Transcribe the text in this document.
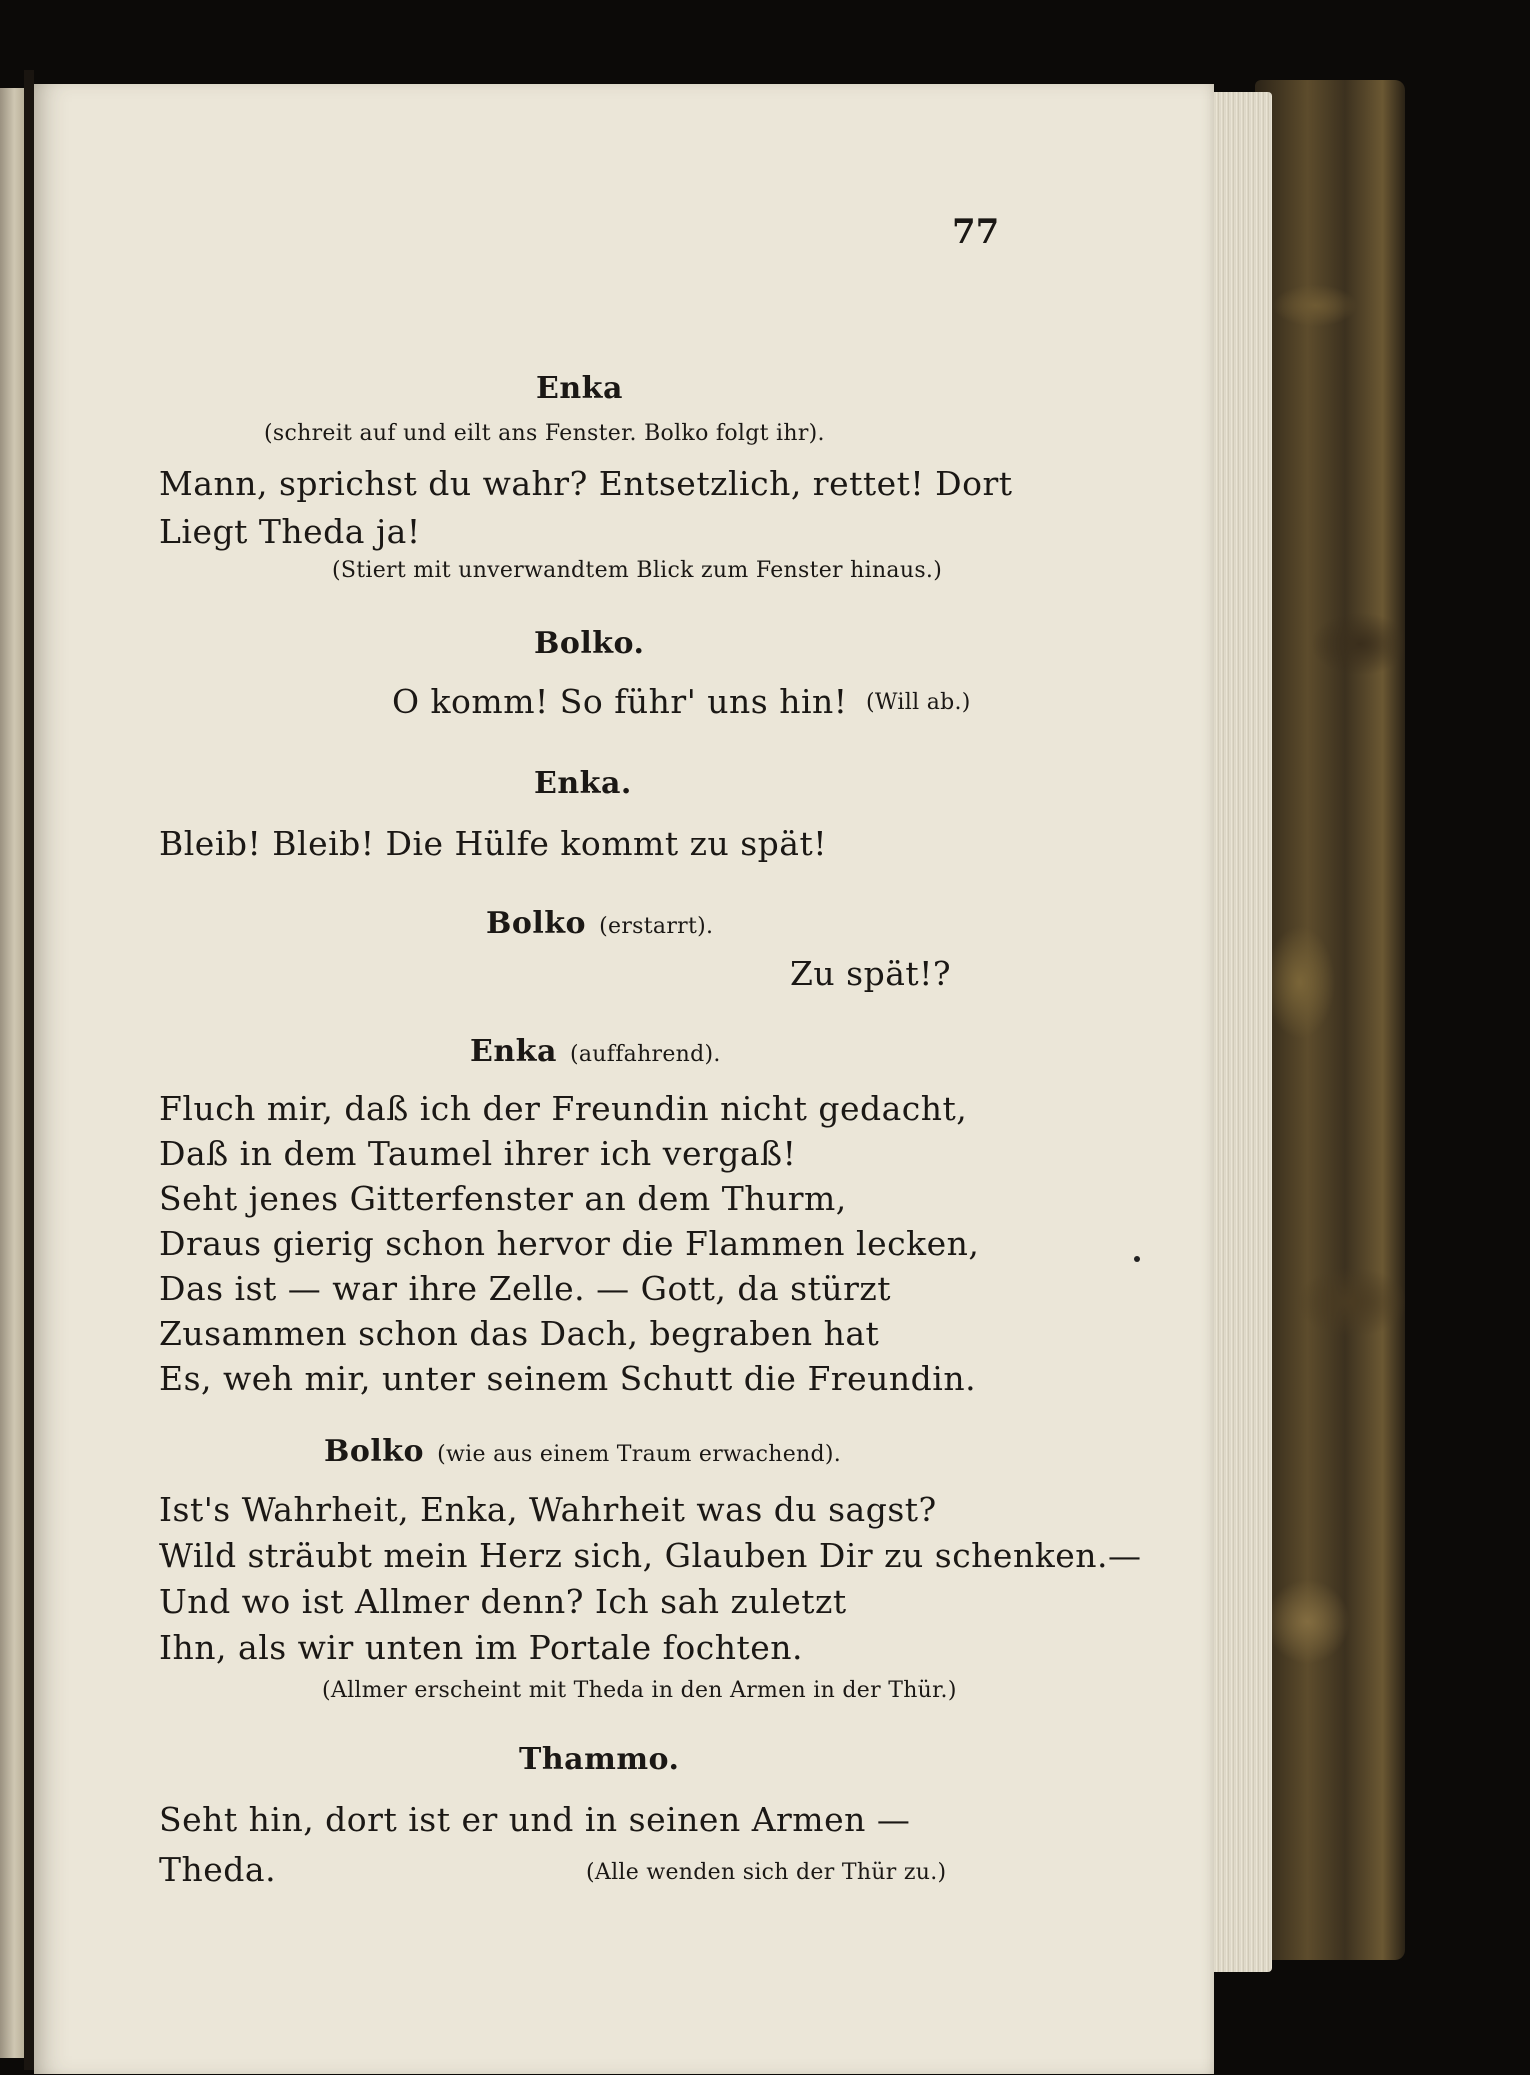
77
Enka
(schreit auf und eilt ans Fenster. Bolko folgt ihr).
Mann, sprichst du wahr? Entsetzlich, rettet! Dort
Liegt Theda ja!
(Stiert mit unverwandtem Blick zum Fenster hinaus.)
Bolko.
O komm! So führ' uns hin! (Will ab.)
Enka.
Bleib! Bleib! Die Hülfe kommt zu spät!
Bolko (erstarrt).
Zu spät!?
Enka (auffahrend).
Fluch mir, daß ich der Freundin nicht gedacht,
Daß in dem Taumel ihrer ich vergaß!
Seht jenes Gitterfenster an dem Thurm,
Draus gierig schon hervor die Flammen lecken,
Das ist — war ihre Zelle. — Gott, da stürzt
Zusammen schon das Dach, begraben hat
Es, weh mir, unter seinem Schutt die Freundin.
Bolko (wie aus einem Traum erwachend).
Ist's Wahrheit, Enka, Wahrheit was du sagst?
Wild sträubt mein Herz sich, Glauben Dir zu schenken.—
Und wo ist Allmer denn? Ich sah zuletzt
Ihn, als wir unten im Portale fochten.
(Allmer erscheint mit Theda in den Armen in der Thür.)
Thammo.
Seht hin, dort ist er und in seinen Armen —
Theda.	(Alle wenden sich der Thür zu.)
